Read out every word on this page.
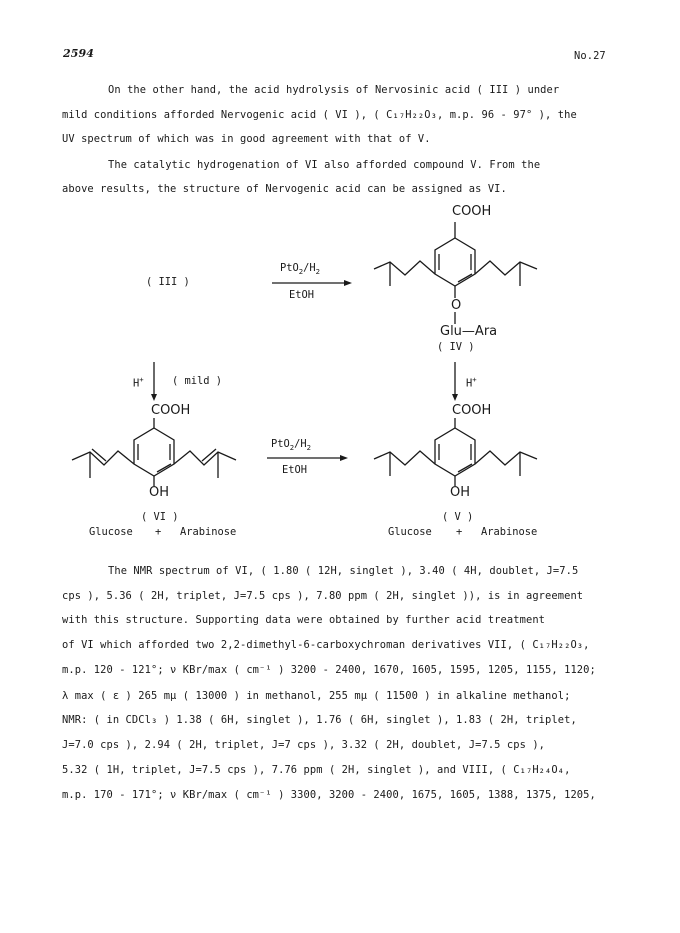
2594	No.27
On the other hand, the acid hydrolysis of Nervosinic acid ( III ) under
mild conditions afforded Nervogenic acid ( VI ), ( C₁₇H₂₂O₃, m.p. 96 - 97° ), the
UV spectrum of which was in good agreement with that of V.
The catalytic hydrogenation of VI also afforded compound V. From the
above results, the structure of Nervogenic acid can be assigned as VI.
COOH
( III )
$PtO_2/H_2$
EtOH
O
Glu—Ara
( IV )
H+	( mild )	H+
COOH	COOH
$PtO_2/H_2$
EtOH
OH	OH
( VI )	( V )
Glucose + Arabinose	Glucose + Arabinose
The NMR spectrum of VI, ( 1.80 ( 12H, singlet ), 3.40 ( 4H, doublet, J=7.5
cps ), 5.36 ( 2H, triplet, J=7.5 cps ), 7.80 ppm ( 2H, singlet )), is in agreement
with this structure. Supporting data were obtained by further acid treatment
of VI which afforded two 2,2-dimethyl-6-carboxychroman derivatives VII, ( C₁₇H₂₂O₃,
m.p. 120 - 121°; ν KBr/max ( cm⁻¹ ) 3200 - 2400, 1670, 1605, 1595, 1205, 1155, 1120;
λ max ( ε ) 265 mμ ( 13000 ) in methanol, 255 mμ ( 11500 ) in alkaline methanol;
NMR: ( in CDCl₃ ) 1.38 ( 6H, singlet ), 1.76 ( 6H, singlet ), 1.83 ( 2H, triplet,
J=7.0 cps ), 2.94 ( 2H, triplet, J=7 cps ), 3.32 ( 2H, doublet, J=7.5 cps ),
5.32 ( 1H, triplet, J=7.5 cps ), 7.76 ppm ( 2H, singlet ), and VIII, ( C₁₇H₂₄O₄,
m.p. 170 - 171°; ν KBr/max ( cm⁻¹ ) 3300, 3200 - 2400, 1675, 1605, 1388, 1375, 1205,
